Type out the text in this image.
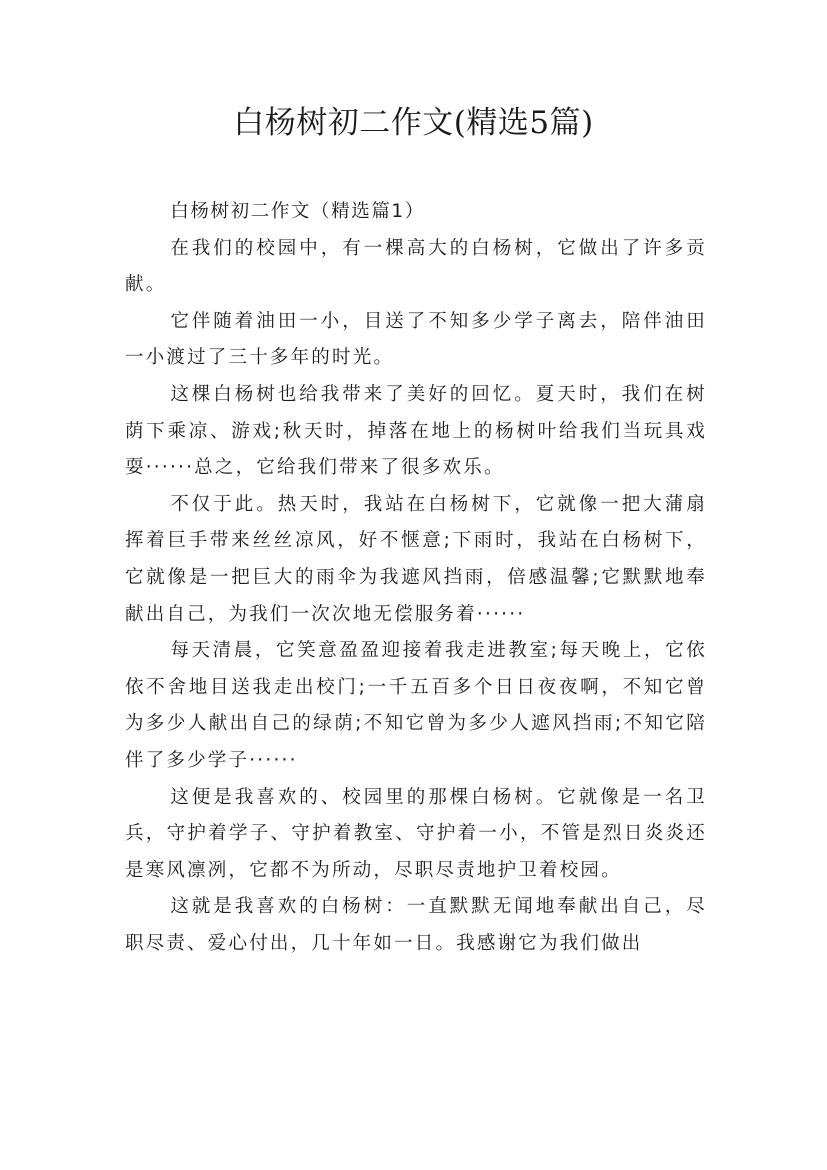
白杨树初二作文(精选5篇)

白杨树初二作文（精选篇1）

在我们的校园中，有一棵高大的白杨树，它做出了许多贡献。

它伴随着油田一小，目送了不知多少学子离去，陪伴油田一小渡过了三十多年的时光。

这棵白杨树也给我带来了美好的回忆。夏天时，我们在树荫下乘凉、游戏;秋天时，掉落在地上的杨树叶给我们当玩具戏耍······总之，它给我们带来了很多欢乐。

不仅于此。热天时，我站在白杨树下，它就像一把大蒲扇挥着巨手带来丝丝凉风，好不惬意;下雨时，我站在白杨树下，它就像是一把巨大的雨伞为我遮风挡雨，倍感温馨;它默默地奉献出自己，为我们一次次地无偿服务着······

每天清晨，它笑意盈盈迎接着我走进教室;每天晚上，它依依不舍地目送我走出校门;一千五百多个日日夜夜啊，不知它曾为多少人献出自己的绿荫;不知它曾为多少人遮风挡雨;不知它陪伴了多少学子······

这便是我喜欢的、校园里的那棵白杨树。它就像是一名卫兵，守护着学子、守护着教室、守护着一小，不管是烈日炎炎还是寒风凛冽，它都不为所动，尽职尽责地护卫着校园。

这就是我喜欢的白杨树：一直默默无闻地奉献出自己，尽职尽责、爱心付出，几十年如一日。我感谢它为我们做出
